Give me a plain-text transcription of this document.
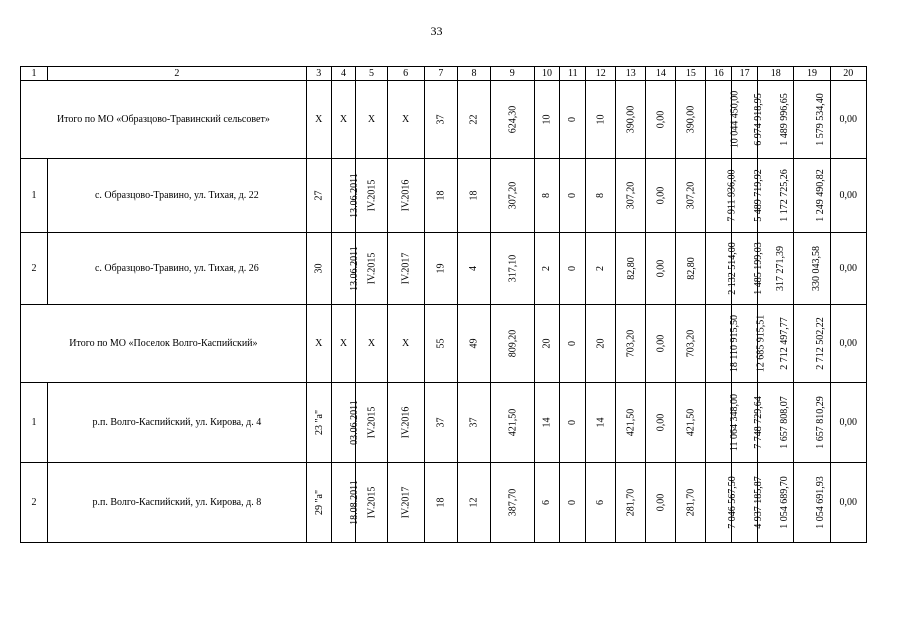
33
1	2	3	4	5	6	7	8	9	10	11	12	13	14	15	16	17	18	19	20
Итого по МО «Образцово-Травинский сельсовет»		X	X	X	X	37	22	624,30	10	0	10	390,00	0,00	390,00	10 044 450,00	6 974 918,95	1 489 996,65	1 579 534,40	0,00
1	с. Образцово-Травино, ул. Тихая, д. 22	27	13.06.2011	IV.2015	IV.2016	18	18	307,20	8	0	8	307,20	0,00	307,20	7 911 936,00	5 489 719,92	1 172 725,26	1 249 490,82	0,00
2	с. Образцово-Травино, ул. Тихая, д. 26	30	13.06.2011	IV.2015	IV.2017	19	4	317,10	2	0	2	82,80	0,00	82,80	2 132 514,00	1 485 199,03	317 271,39	330 043,58	0,00
Итого по МО «Поселок Волго-Каспийский»		X	X	X	X	55	49	809,20	20	0	20	703,20	0,00	703,20	18 110 915,50	12 685 915,51	2 712 497,77	2 712 502,22	0,00
1	р.п. Волго-Каспийский, ул. Кирова, д. 4	23 "а"	03.06.2011	IV.2015	IV.2016	37	37	421,50	14	0	14	421,50	0,00	421,50	11 064 348,00	7 748 729,64	1 657 808,07	1 657 810,29	0,00
2	р.п. Волго-Каспийский, ул. Кирова, д. 8	29 "а"	18.08.2011	IV.2015	IV.2017	18	12	387,70	6	0	6	281,70	0,00	281,70	7 046 567,50	4 937 185,87	1 054 689,70	1 054 691,93	0,00
